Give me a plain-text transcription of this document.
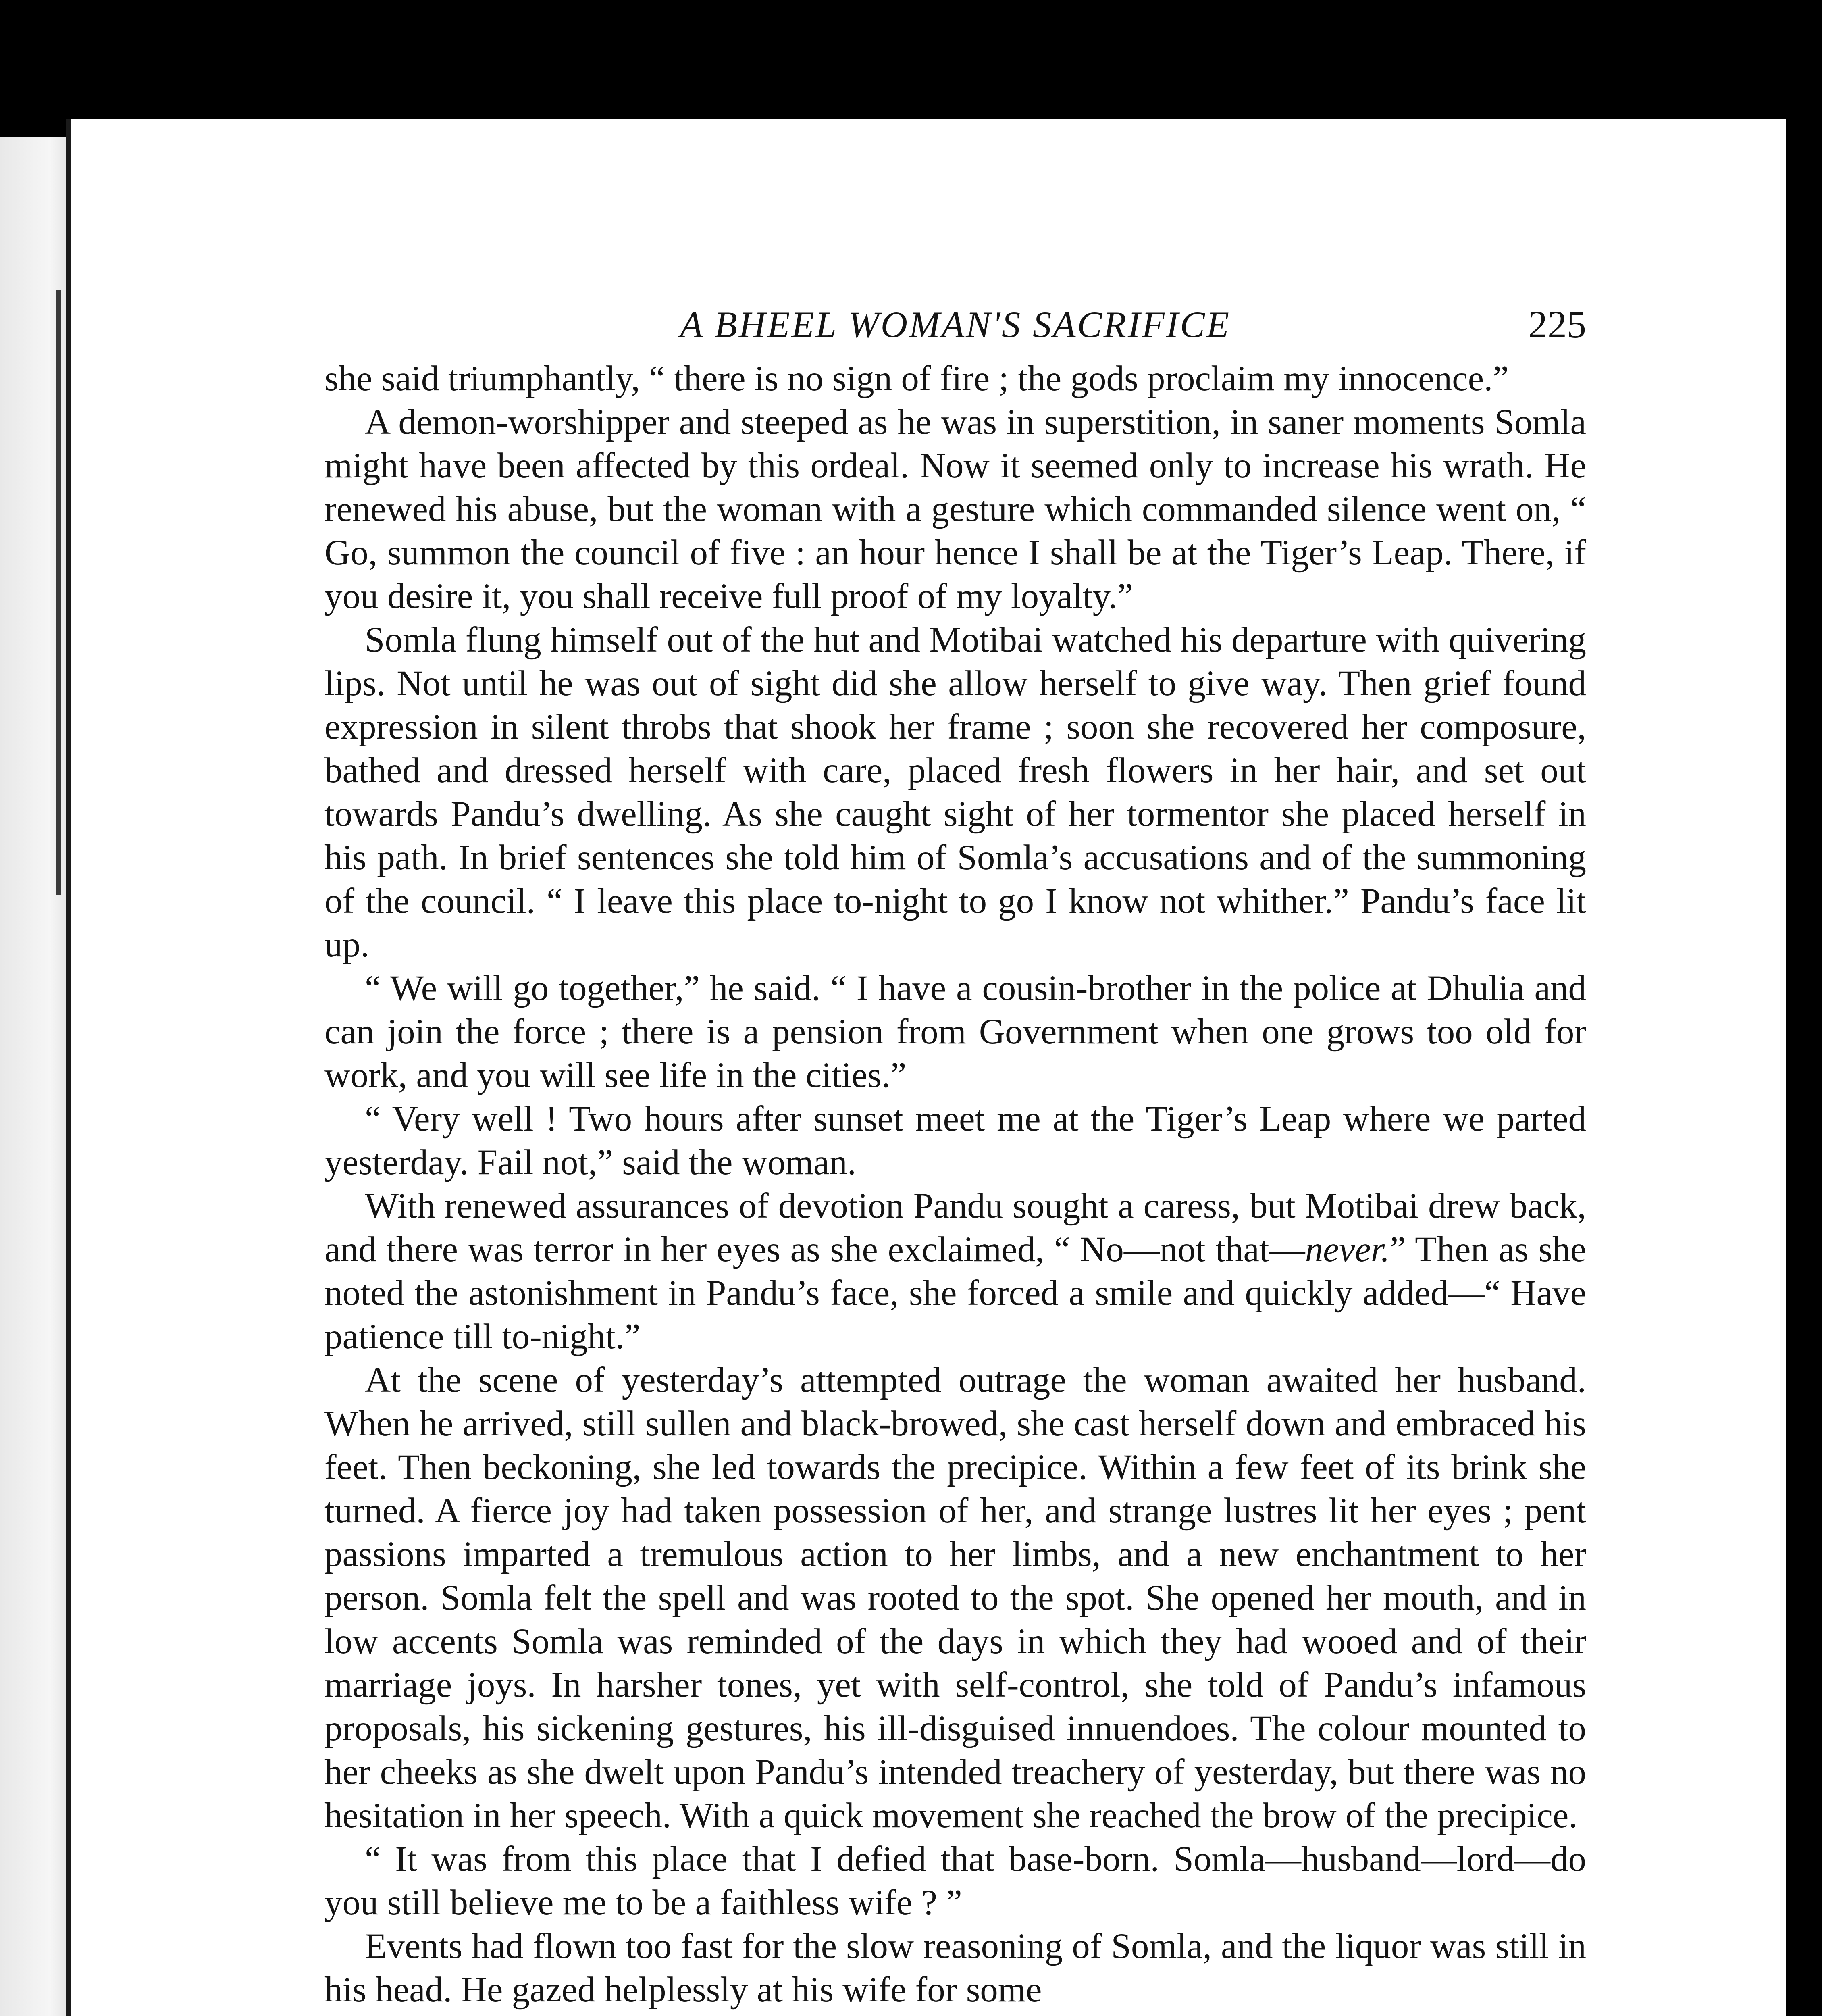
A BHEEL WOMAN'S SACRIFICE	225

she said triumphantly, “ there is no sign of fire ; the gods proclaim my innocence.”

A demon-worshipper and steeped as he was in superstition, in saner moments Somla might have been affected by this ordeal. Now it seemed only to increase his wrath. He renewed his abuse, but the woman with a gesture which commanded silence went on, “ Go, summon the council of five : an hour hence I shall be at the Tiger’s Leap. There, if you desire it, you shall receive full proof of my loyalty.”

Somla flung himself out of the hut and Motibai watched his departure with quivering lips. Not until he was out of sight did she allow herself to give way. Then grief found expression in silent throbs that shook her frame ; soon she recovered her composure, bathed and dressed herself with care, placed fresh flowers in her hair, and set out towards Pandu’s dwelling. As she caught sight of her tormentor she placed herself in his path. In brief sentences she told him of Somla’s accusations and of the summoning of the council. “ I leave this place to-night to go I know not whither.” Pandu’s face lit up.

“ We will go together,” he said. “ I have a cousin-brother in the police at Dhulia and can join the force ; there is a pension from Government when one grows too old for work, and you will see life in the cities.”

“ Very well ! Two hours after sunset meet me at the Tiger’s Leap where we parted yesterday. Fail not,” said the woman.

With renewed assurances of devotion Pandu sought a caress, but Motibai drew back, and there was terror in her eyes as she exclaimed, “ No—not that—never.” Then as she noted the astonishment in Pandu’s face, she forced a smile and quickly added—“ Have patience till to-night.”

At the scene of yesterday’s attempted outrage the woman awaited her husband. When he arrived, still sullen and black-browed, she cast herself down and embraced his feet. Then beckoning, she led towards the precipice. Within a few feet of its brink she turned. A fierce joy had taken possession of her, and strange lustres lit her eyes ; pent passions imparted a tremulous action to her limbs, and a new enchantment to her person. Somla felt the spell and was rooted to the spot. She opened her mouth, and in low accents Somla was reminded of the days in which they had wooed and of their marriage joys. In harsher tones, yet with self-control, she told of Pandu’s infamous proposals, his sickening gestures, his ill-disguised innuendoes. The colour mounted to her cheeks as she dwelt upon Pandu’s intended treachery of yesterday, but there was no hesitation in her speech. With a quick movement she reached the brow of the precipice.

“ It was from this place that I defied that base-born. Somla—husband—lord—do you still believe me to be a faithless wife ? ”

Events had flown too fast for the slow reasoning of Somla, and the liquor was still in his head. He gazed helplessly at his wife for some
